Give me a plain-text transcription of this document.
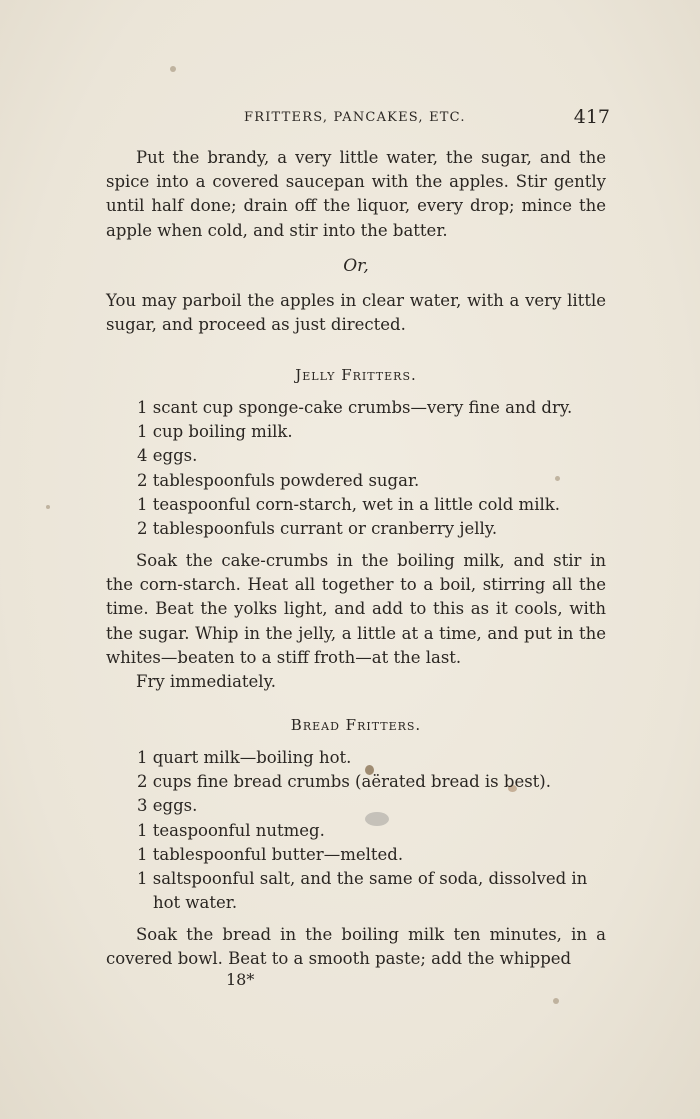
FRITTERS, PANCAKES, ETC.	417

Put the brandy, a very little water, the sugar, and the spice into a covered saucepan with the apples. Stir gently until half done; drain off the liquor, every drop; mince the apple when cold, and stir into the batter.

Or,

You may parboil the apples in clear water, with a very little sugar, and proceed as just directed.

Jelly Fritters.
1 scant cup sponge-cake crumbs—very fine and dry.
1 cup boiling milk.
4 eggs.
2 tablespoonfuls powdered sugar.
1 teaspoonful corn-starch, wet in a little cold milk.
2 tablespoonfuls currant or cranberry jelly.

Soak the cake-crumbs in the boiling milk, and stir in the corn-starch. Heat all together to a boil, stirring all the time. Beat the yolks light, and add to this as it cools, with the sugar. Whip in the jelly, a little at a time, and put in the whites—beaten to a stiff froth—at the last.

Fry immediately.

Bread Fritters.
1 quart milk—boiling hot.
2 cups fine bread crumbs (aërated bread is best).
3 eggs.
1 teaspoonful nutmeg.
1 tablespoonful butter—melted.
1 saltspoonful salt, and the same of soda, dissolved in hot water.

Soak the bread in the boiling milk ten minutes, in a covered bowl. Beat to a smooth paste; add the whipped

18*
